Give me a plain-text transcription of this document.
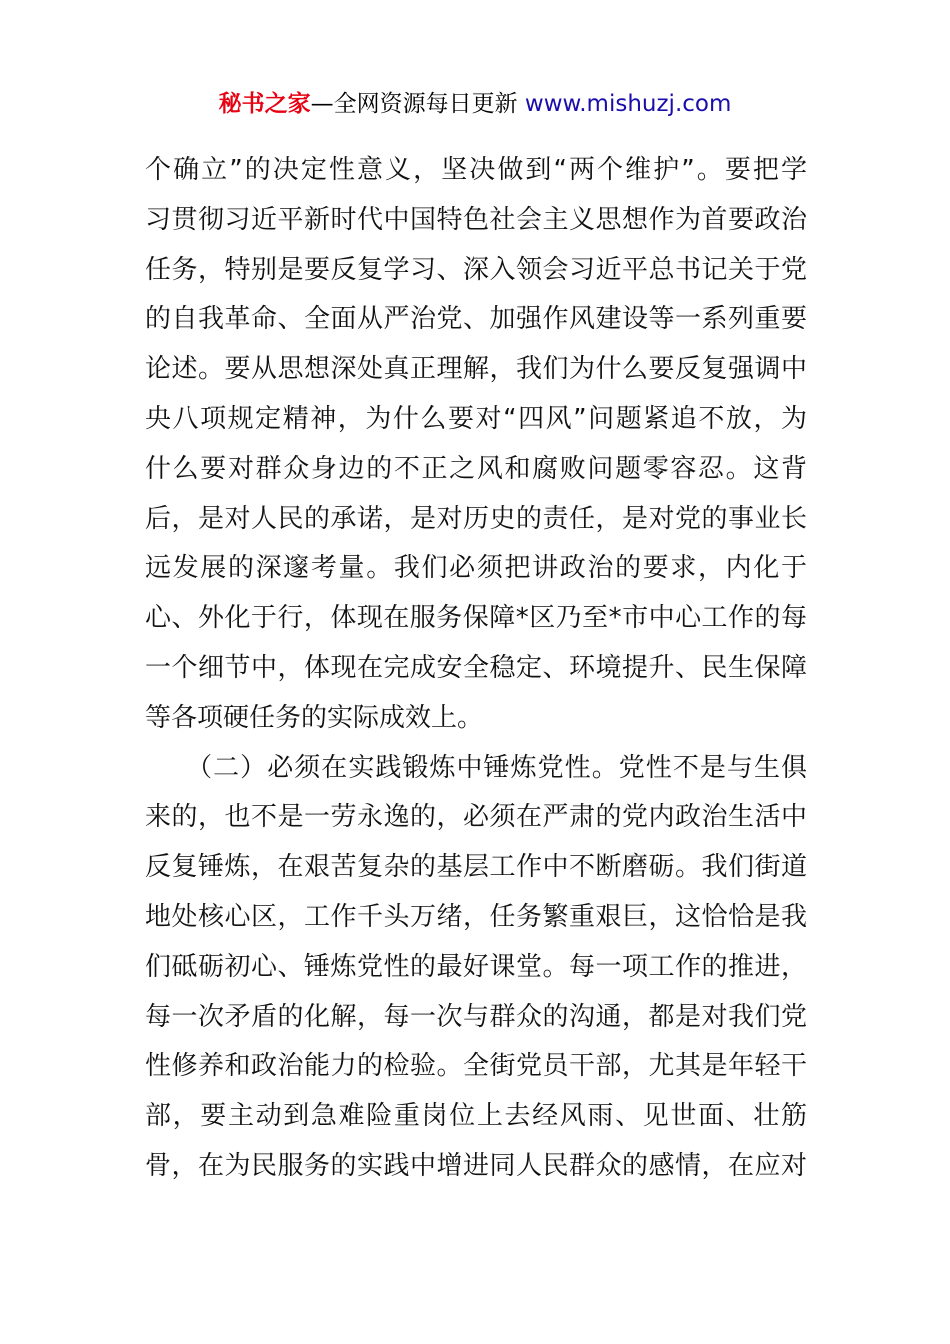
秘书之家—全网资源每日更新 www.mishuzj.com
个确立”的决定性意义，坚决做到“两个维护”。要把学
习贯彻习近平新时代中国特色社会主义思想作为首要政治
任务，特别是要反复学习、深入领会习近平总书记关于党
的自我革命、全面从严治党、加强作风建设等一系列重要
论述。要从思想深处真正理解，我们为什么要反复强调中
央八项规定精神，为什么要对“四风”问题紧追不放，为
什么要对群众身边的不正之风和腐败问题零容忍。这背
后，是对人民的承诺，是对历史的责任，是对党的事业长
远发展的深邃考量。我们必须把讲政治的要求，内化于
心、外化于行，体现在服务保障*区乃至*市中心工作的每
一个细节中，体现在完成安全稳定、环境提升、民生保障
等各项硬任务的实际成效上。
　　（二）必须在实践锻炼中锤炼党性。党性不是与生俱
来的，也不是一劳永逸的，必须在严肃的党内政治生活中
反复锤炼，在艰苦复杂的基层工作中不断磨砺。我们街道
地处核心区，工作千头万绪，任务繁重艰巨，这恰恰是我
们砥砺初心、锤炼党性的最好课堂。每一项工作的推进，
每一次矛盾的化解，每一次与群众的沟通，都是对我们党
性修养和政治能力的检验。全街党员干部，尤其是年轻干
部，要主动到急难险重岗位上去经风雨、见世面、壮筋
骨，在为民服务的实践中增进同人民群众的感情，在应对
